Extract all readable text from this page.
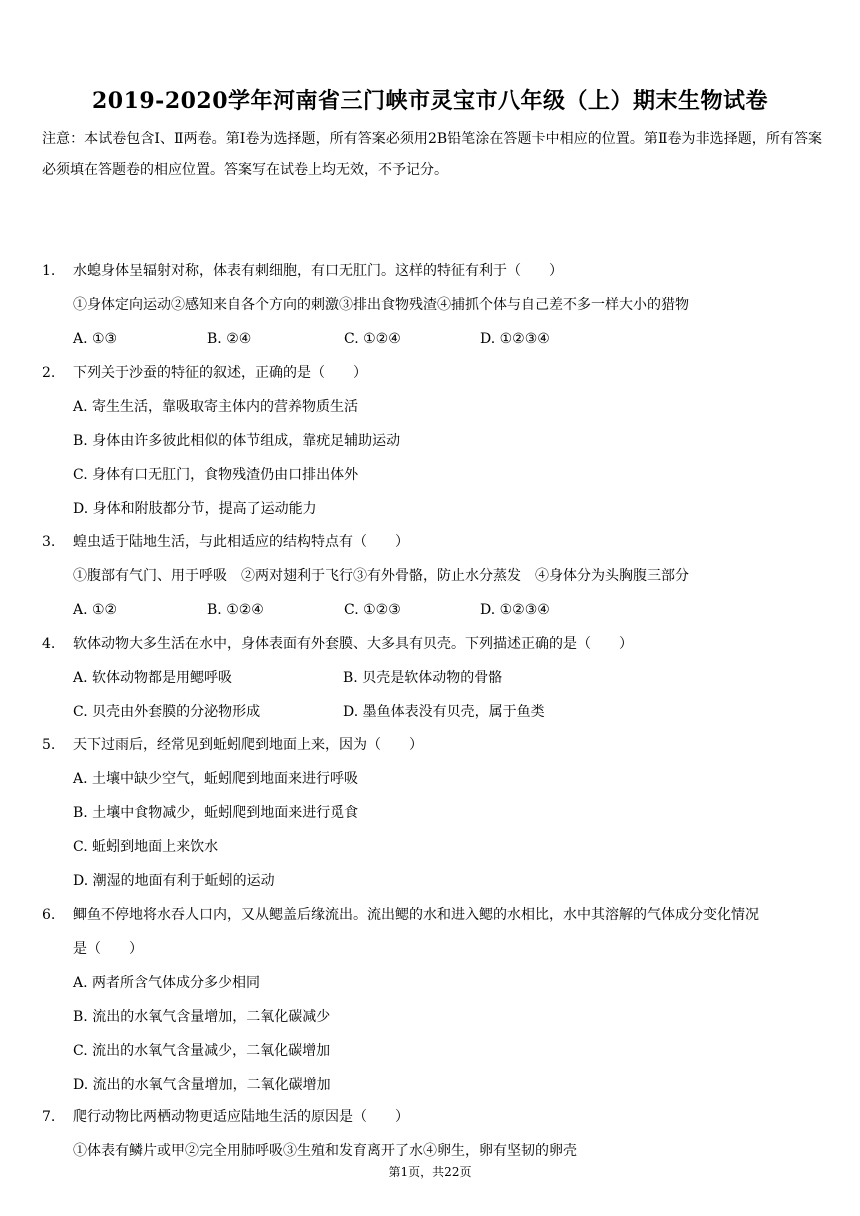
2019-2020学年河南省三门峡市灵宝市八年级（上）期末生物试卷
注意：本试卷包含Ⅰ、Ⅱ两卷。第Ⅰ卷为选择题，所有答案必须用2B铅笔涂在答题卡中相应的位置。第Ⅱ卷为非选择题，所有答案必须填在答题卷的相应位置。答案写在试卷上均无效，不予记分。
1. 水螅身体呈辐射对称，体表有刺细胞，有口无肛门。这样的特征有利于（　　）
①身体定向运动②感知来自各个方向的刺激③排出食物残渣④捕抓个体与自己差不多一样大小的猎物
A. ①③	B. ②④	C. ①②④	D. ①②③④
2. 下列关于沙蚕的特征的叙述，正确的是（　　）
A. 寄生生活，靠吸取寄主体内的营养物质生活
B. 身体由许多彼此相似的体节组成，靠疣足辅助运动
C. 身体有口无肛门，食物残渣仍由口排出体外
D. 身体和附肢都分节，提高了运动能力
3. 蝗虫适于陆地生活，与此相适应的结构特点有（　　）
①腹部有气门、用于呼吸　②两对翅利于飞行③有外骨骼，防止水分蒸发　④身体分为头胸腹三部分
A. ①②	B. ①②④	C. ①②③	D. ①②③④
4. 软体动物大多生活在水中，身体表面有外套膜、大多具有贝壳。下列描述正确的是（　　）
A. 软体动物都是用鳃呼吸	B. 贝壳是软体动物的骨骼
C. 贝壳由外套膜的分泌物形成	D. 墨鱼体表没有贝壳，属于鱼类
5. 天下过雨后，经常见到蚯蚓爬到地面上来，因为（　　）
A. 土壤中缺少空气，蚯蚓爬到地面来进行呼吸
B. 土壤中食物减少，蚯蚓爬到地面来进行觅食
C. 蚯蚓到地面上来饮水
D. 潮湿的地面有利于蚯蚓的运动
6. 鲫鱼不停地将水吞人口内，又从鳃盖后缘流出。流出鳃的水和进入鳃的水相比，水中其溶解的气体成分变化情况
是（　　）
A. 两者所含气体成分多少相同
B. 流出的水氧气含量增加，二氧化碳减少
C. 流出的水氧气含量减少，二氧化碳增加
D. 流出的水氧气含量增加，二氧化碳增加
7. 爬行动物比两栖动物更适应陆地生活的原因是（　　）
①体表有鳞片或甲②完全用肺呼吸③生殖和发育离开了水④卵生，卵有坚韧的卵壳
第1页，共22页
